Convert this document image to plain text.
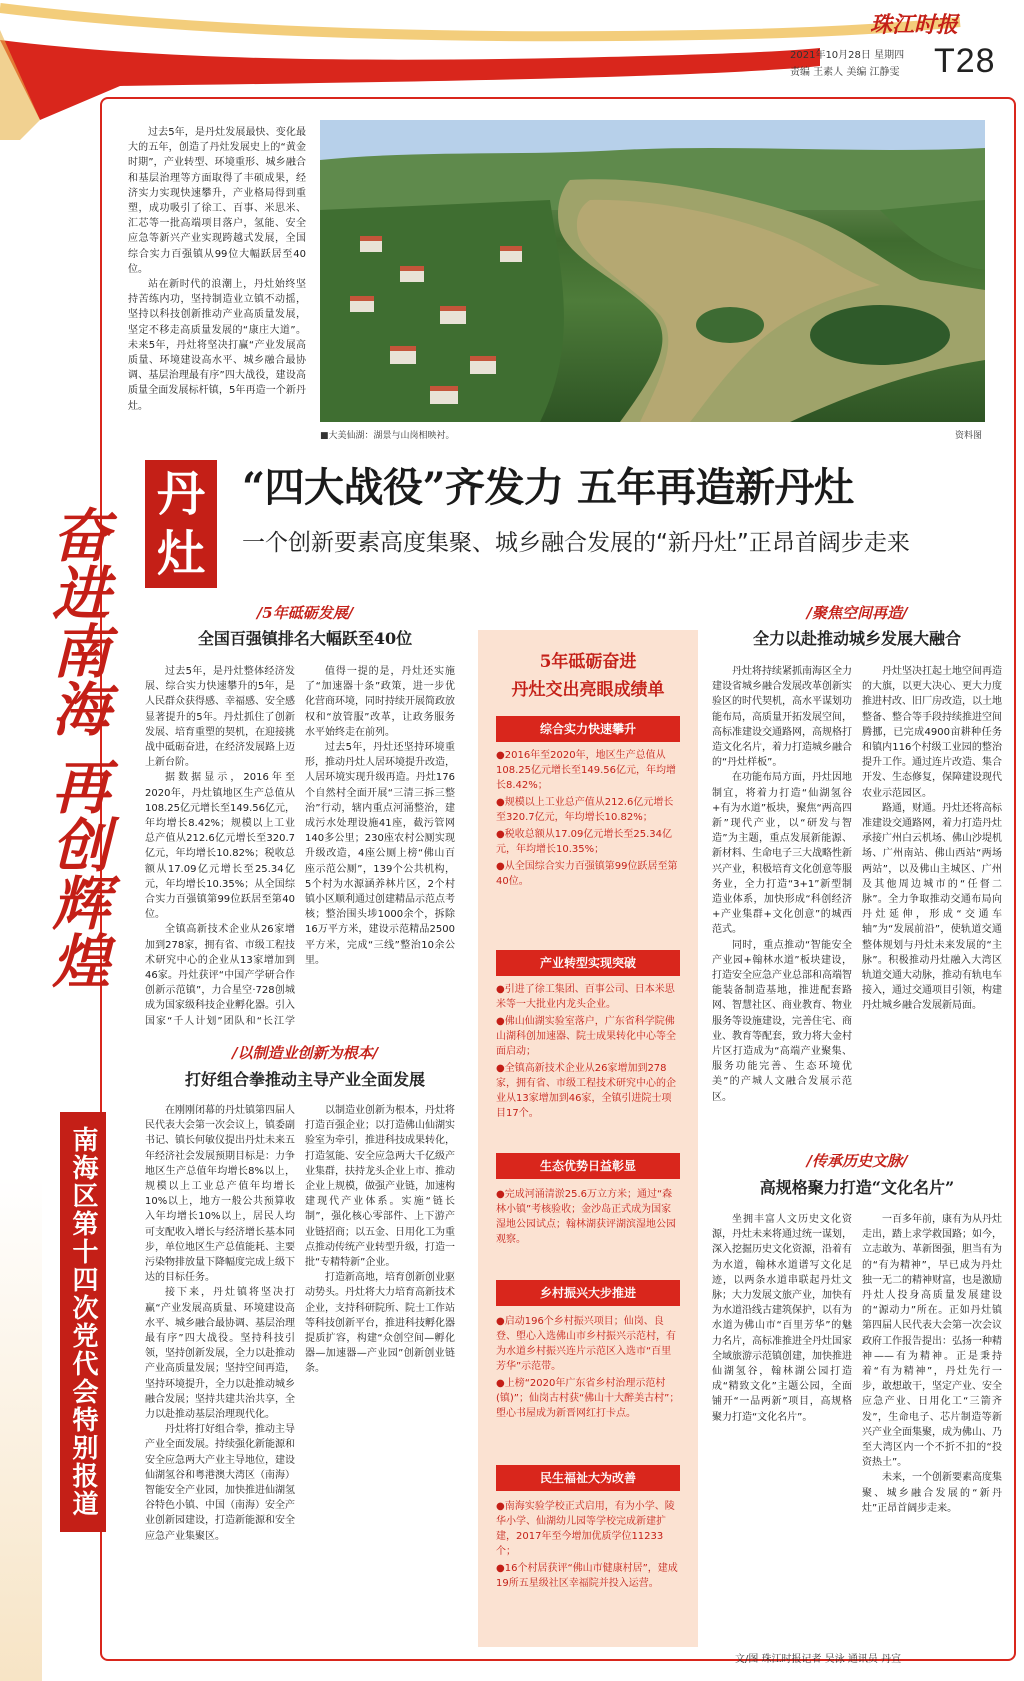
珠江时报
2021年10月28日 星期四
责编 王素人 美编 江静雯 T28
奋进南海 再创辉煌
南海区第十四次党代会特别报道

过去5年，是丹灶发展最快、变化最大的五年，创造了丹灶发展史上的“黄金时期”，产业转型、环境重形、城乡融合和基层治理等方面取得了丰硕成果，经济实力实现快速攀升，产业格局得到重塑，成功吸引了徐工、百事、米思米、汇芯等一批高端项目落户，氢能、安全应急等新兴产业实现跨越式发展，全国综合实力百强镇从99位大幅跃居至40位。

站在新时代的浪潮上，丹灶始终坚持苦练内功，坚持制造业立镇不动摇，坚持以科技创新推动产业高质量发展，坚定不移走高质量发展的“康庄大道”。未来5年，丹灶将坚决打赢“产业发展高质量、环境建设高水平、城乡融合最协调、基层治理最有序”四大战役，建设高质量全面发展标杆镇，5年再造一个新丹灶。

■大美仙湖：湖景与山岗相映衬。	资料图
丹灶
“四大战役”齐发力 五年再造新丹灶
一个创新要素高度集聚、城乡融合发展的“新丹灶”正昂首阔步走来
/5年砥砺发展/
全国百强镇排名大幅跃至40位

过去5年，是丹灶整体经济发展、综合实力快速攀升的5年，是人民群众获得感、幸福感、安全感显著提升的5年。丹灶抓住了创新发展、培育重塑的契机，在迎接挑战中砥砺奋进，在经济发展路上迈上新台阶。

据数据显示，2016年至2020年，丹灶镇地区生产总值从108.25亿元增长至149.56亿元，年均增长8.42%；规模以上工业总产值从212.6亿元增长至320.7亿元，年均增长10.82%；税收总额从17.09亿元增长至25.34亿元，年均增长10.35%；从全国综合实力百强镇第99位跃居至第40位。

全镇高新技术企业从26家增加到278家，拥有省、市级工程技术研究中心的企业从13家增加到46家。丹灶获评“中国产学研合作创新示范镇”，力合星空·728创城成为国家级科技企业孵化器。引入国家“千人计划”团队和“长江学

值得一提的是，丹灶还实施了“加速器十条”政策，进一步优化营商环境，同时持续开展简政放权和“放管服”改革，让政务服务水平始终走在前列。

过去5年，丹灶还坚持环境重形，推动丹灶人居环境提升改造，人居环境实现升级再造。丹灶176个自然村全面开展“三清三拆三整治”行动，辖内重点河涌整治，建成污水处理设施41座，截污管网140多公里；230座农村公厕实现升级改造，4座公厕上榜“佛山百座示范公厕”，139个公共机构，5个村为水源涵养林片区，2个村镇小区顺利通过创建精品示范点考核；整治围头埗1000余个，拆除16万平方米，建设示范精品2500平方米，完成“三线”整治10余公里。

/以制造业创新为根本/
打好组合拳推动主导产业全面发展

在刚刚闭幕的丹灶镇第四届人民代表大会第一次会议上，镇委副书记、镇长何敏仪提出丹灶未来五年经济社会发展预期目标是：力争地区生产总值年均增长8%以上，规模以上工业总产值年均增长10%以上，地方一般公共预算收入年均增长10%以上，居民人均可支配收入增长与经济增长基本同步，单位地区生产总值能耗、主要污染物排放量下降幅度完成上级下达的目标任务。

接下来，丹灶镇将坚决打赢“产业发展高质量、环境建设高水平、城乡融合最协调、基层治理最有序”四大战役。坚持科技引领，坚持创新发展，全力以赴推动产业高质量发展；坚持空间再造，坚持环境提升，全力以赴推动城乡融合发展；坚持共建共治共享，全力以赴推动基层治理现代化。

丹灶将打好组合拳，推动主导产业全面发展。持续强化新能源和安全应急两大产业主导地位，建设仙湖氢谷和粤港澳大湾区（南海）智能安全产业园，加快推进仙湖氢谷特色小镇、中国（南海）安全产业创新园建设，打造新能源和安全应急产业集聚区。

以制造业创新为根本，丹灶将打造百强企业；以打造佛山仙湖实验室为牵引，推进科技成果转化，打造氢能、安全应急两大千亿级产业集群，扶持龙头企业上市、推动企业上规模，做强产业链，加速构建现代产业体系。实施“链长制”，强化核心零部件、上下游产业链招商；以五金、日用化工为重点推动传统产业转型升级，打造一批“专精特新”企业。

打造新高地，培育创新创业驱动势头。丹灶将大力培育高新技术企业，支持科研院所、院士工作站等科技创新平台，推进科技孵化器提质扩容，构建“众创空间—孵化器—加速器—产业园”创新创业链条。

5年砥砺奋进
丹灶交出亮眼成绩单
综合实力快速攀升

●2016年至2020年，地区生产总值从108.25亿元增长至149.56亿元，年均增长8.42%；

●规模以上工业总产值从212.6亿元增长至320.7亿元，年均增长10.82%；

●税收总额从17.09亿元增长至25.34亿元，年均增长10.35%；

●从全国综合实力百强镇第99位跃居至第40位。

产业转型实现突破

●引进了徐工集团、百事公司、日本米思米等一大批业内龙头企业。

●佛山仙湖实验室落户，广东省科学院佛山湖科创加速器、院士成果转化中心等全面启动；

●全镇高新技术企业从26家增加到278家，拥有省、市级工程技术研究中心的企业从13家增加到46家，全镇引进院士项目17个。

生态优势日益彰显

●完成河涌清淤25.6万立方米；通过“森林小镇”考核验收；金沙岛正式成为国家湿地公园试点；翰林湖获评湖滨湿地公园观察。

乡村振兴大步推进

●启动196个乡村振兴项目；仙岗、良登、塱心入选佛山市乡村振兴示范村，有为水道乡村振兴连片示范区入选市“百里芳华”示范带。

●上榜“2020年广东省乡村治理示范村(镇)”；仙岗古村获“佛山十大醉美古村”；塱心书屋成为新晋网红打卡点。

民生福祉大为改善

●南海实验学校正式启用，有为小学、陵华小学、仙湖幼儿园等学校完成新建扩建，2017年至今增加优质学位11233个；

●16个村居获评“佛山市健康村居”，建成19所五星级社区幸福院并投入运营。

/聚焦空间再造/
全力以赴推动城乡发展大融合

丹灶将持续紧抓南海区全力建设省城乡融合发展改革创新实验区的时代契机，高水平谋划功能布局，高质量开拓发展空间，高标准建设交通路网，高规格打造文化名片，着力打造城乡融合的“丹灶样板”。

在功能布局方面，丹灶因地制宜，将着力打造“仙湖氢谷+有为水道”板块，聚焦“两高四新”现代产业，以“研发与智造”为主题，重点发展新能源、新材料、生命电子三大战略性新兴产业，积极培育文化创意等服务业，全力打造“3+1”新型制造业体系，加快形成“科创经济+产业集群+文化创意”的城西范式。

同时，重点推动“智能安全产业园+翰林水道”板块建设，打造安全应急产业总部和高端智能装备制造基地，推进配套路网、智慧社区、商业教育、物业服务等设施建设，完善住宅、商业、教育等配套，致力将大金村片区打造成为“高端产业聚集、服务功能完善、生态环境优美”的产城人文融合发展示范区。

丹灶坚决扛起土地空间再造的大旗，以更大决心、更大力度推进村改、旧厂房改造，以土地整备、整合等手段持续推进空间腾挪，已完成4900亩耕种任务和镇内116个村级工业园的整治提升工作。通过连片改造、集合开发、生态修复，保障建设现代农业示范园区。

路通，财通。丹灶还将高标准建设交通路网，着力打造丹灶承接广州白云机场、佛山沙堤机场、广州南站、佛山西站“两场两站”，以及佛山主城区、广州及其他周边城市的“任督二脉”。全力争取推动交通布局向丹灶延伸，形成“交通车轴”为“发展前沿”，使轨道交通整体规划与丹灶未来发展的“主脉”。积极推动丹灶融入大湾区轨道交通大动脉，推动有轨电车接入，通过交通项目引领，构建丹灶城乡融合发展新局面。

/传承历史文脉/
高规格聚力打造“文化名片”

坐拥丰富人文历史文化资源，丹灶未来将通过统一谋划，深入挖掘历史文化资源，沿着有为水道，翰林水道谱写文化足迹，以两条水道串联起丹灶文脉；大力发展文旅产业，加快有为水道沿线古建筑保护，以有为水道为佛山市“百里芳华”的魅力名片，高标准推进全丹灶国家全域旅游示范镇创建，加快推进仙湖氢谷，翰林湖公园打造成“精致文化”主题公园，全面铺开“一品两新”项目，高规格聚力打造“文化名片”。

一百多年前，康有为从丹灶走出，踏上求学救国路；如今，立志敢为、革新图强，胆当有为的“有为精神”，早已成为丹灶独一无二的精神财富，也是激励丹灶人投身高质量发展建设的“源动力”所在。正如丹灶镇第四届人民代表大会第一次会议政府工作报告提出：弘扬一种精神——有为精神。正是秉持着“有为精神”，丹灶先行一步，敢想敢干，坚定产业、安全应急产业、日用化工“三箭齐发”，生命电子、芯片制造等新兴产业全面集聚，成为佛山、乃至大湾区内一个不折不扣的“投资热土”。

未来，一个创新要素高度集聚、城乡融合发展的“新丹灶”正昂首阔步走来。

文/图 珠江时报记者 吴泳 通讯员 丹宣
